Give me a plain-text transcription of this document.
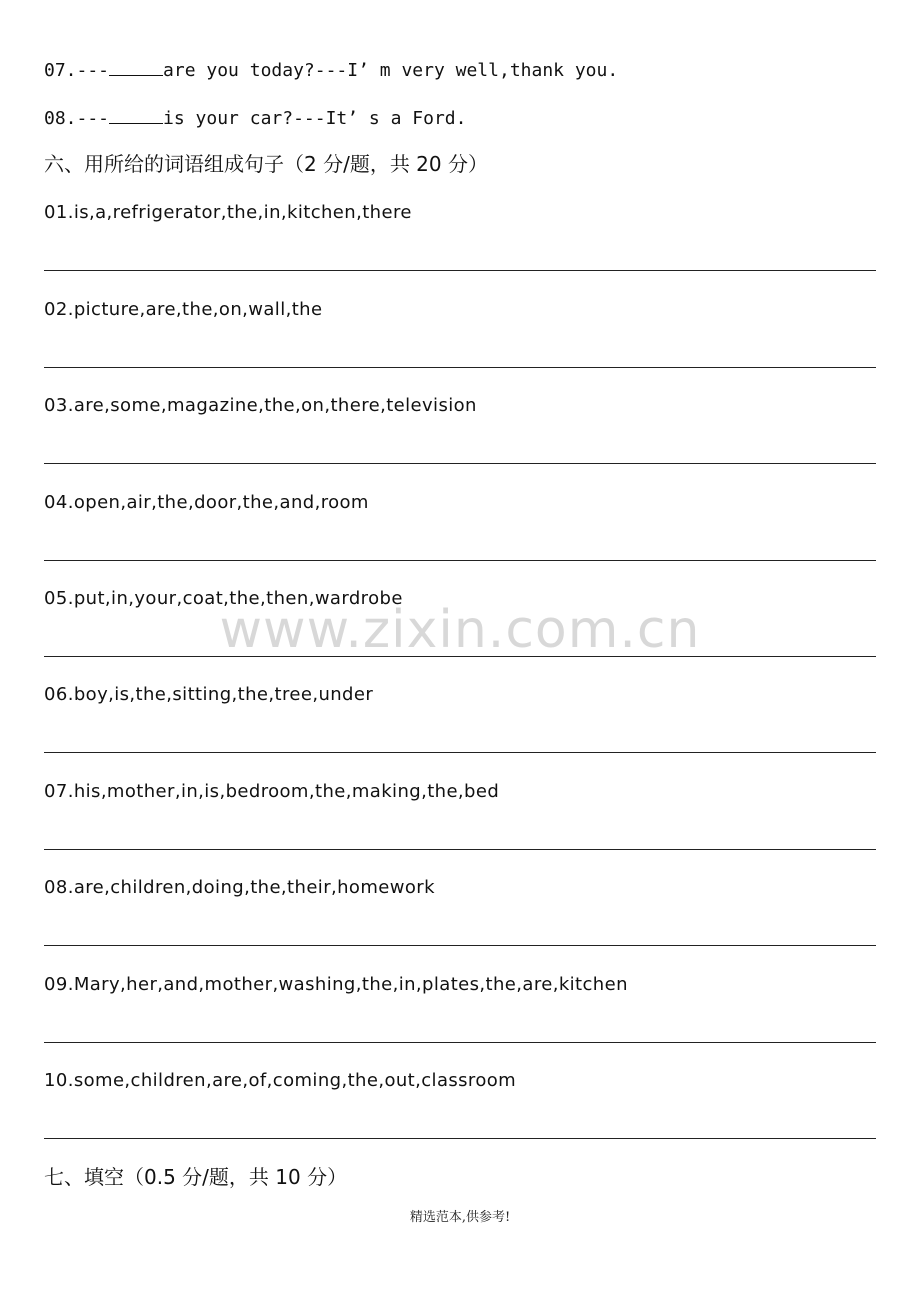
07.---	are you today?---I’ m very well,thank you.
08.---	is your car?---It’ s a Ford.
六、用所给的词语组成句子（2 分/题，共 20 分）
01.is,a,refrigerator,the,in,kitchen,there
02.picture,are,the,on,wall,the
03.are,some,magazine,the,on,there,television
04.open,air,the,door,the,and,room
05.put,in,your,coat,the,then,wardrobe
06.boy,is,the,sitting,the,tree,under
07.his,mother,in,is,bedroom,the,making,the,bed
08.are,children,doing,the,their,homework
09.Mary,her,and,mother,washing,the,in,plates,the,are,kitchen
10.some,children,are,of,coming,the,out,classroom
七、填空（0.5 分/题，共 10 分）
www.zixin.com.cn
精选范本,供参考!
